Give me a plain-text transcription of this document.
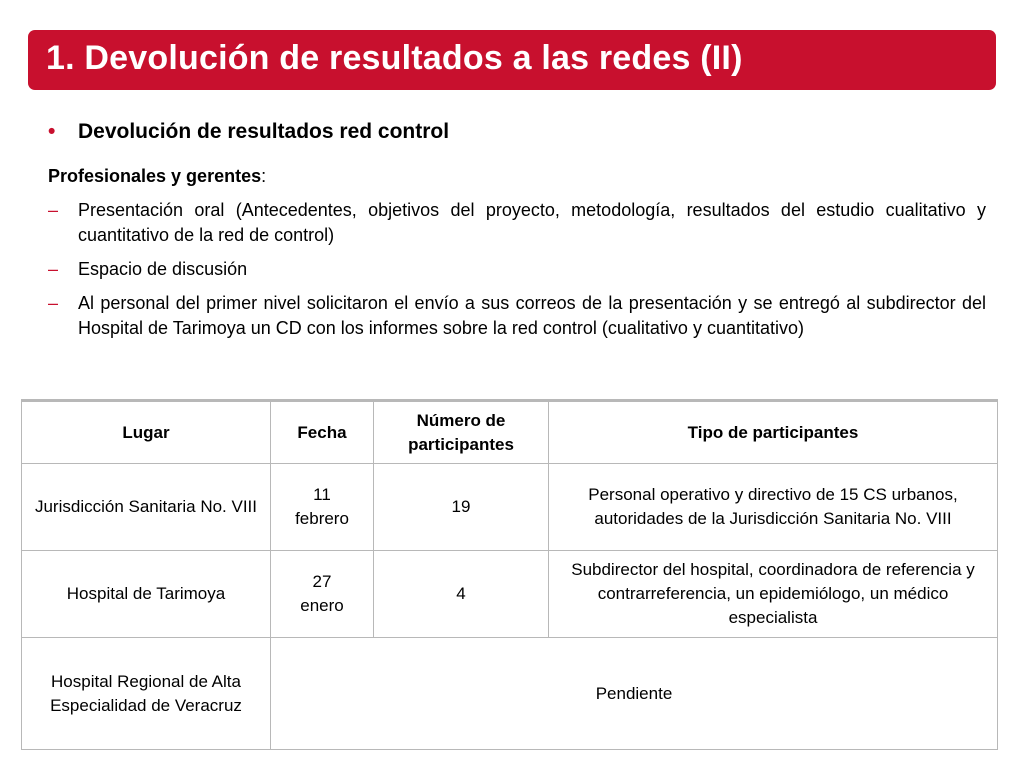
1. Devolución de resultados a las redes (II)
• Devolución de resultados red control
Profesionales y gerentes:
– Presentación oral (Antecedentes, objetivos del proyecto, metodología, resultados del estudio cualitativo y cuantitativo de la red de control)
– Espacio de discusión
– Al personal del primer nivel solicitaron el envío a sus correos de la presentación y se entregó al subdirector del Hospital de Tarimoya un CD con los informes sobre la red control (cualitativo y cuantitativo)
Lugar	Fecha	Número de participantes	Tipo de participantes
Jurisdicción Sanitaria No. VIII	11 febrero	19	Personal operativo y directivo de 15 CS urbanos, autoridades de la Jurisdicción Sanitaria No. VIII
Hospital de Tarimoya	27 enero	4	Subdirector del hospital, coordinadora de referencia y contrarreferencia, un epidemiólogo, un médico especialista
Hospital Regional de Alta Especialidad de Veracruz	Pendiente		
